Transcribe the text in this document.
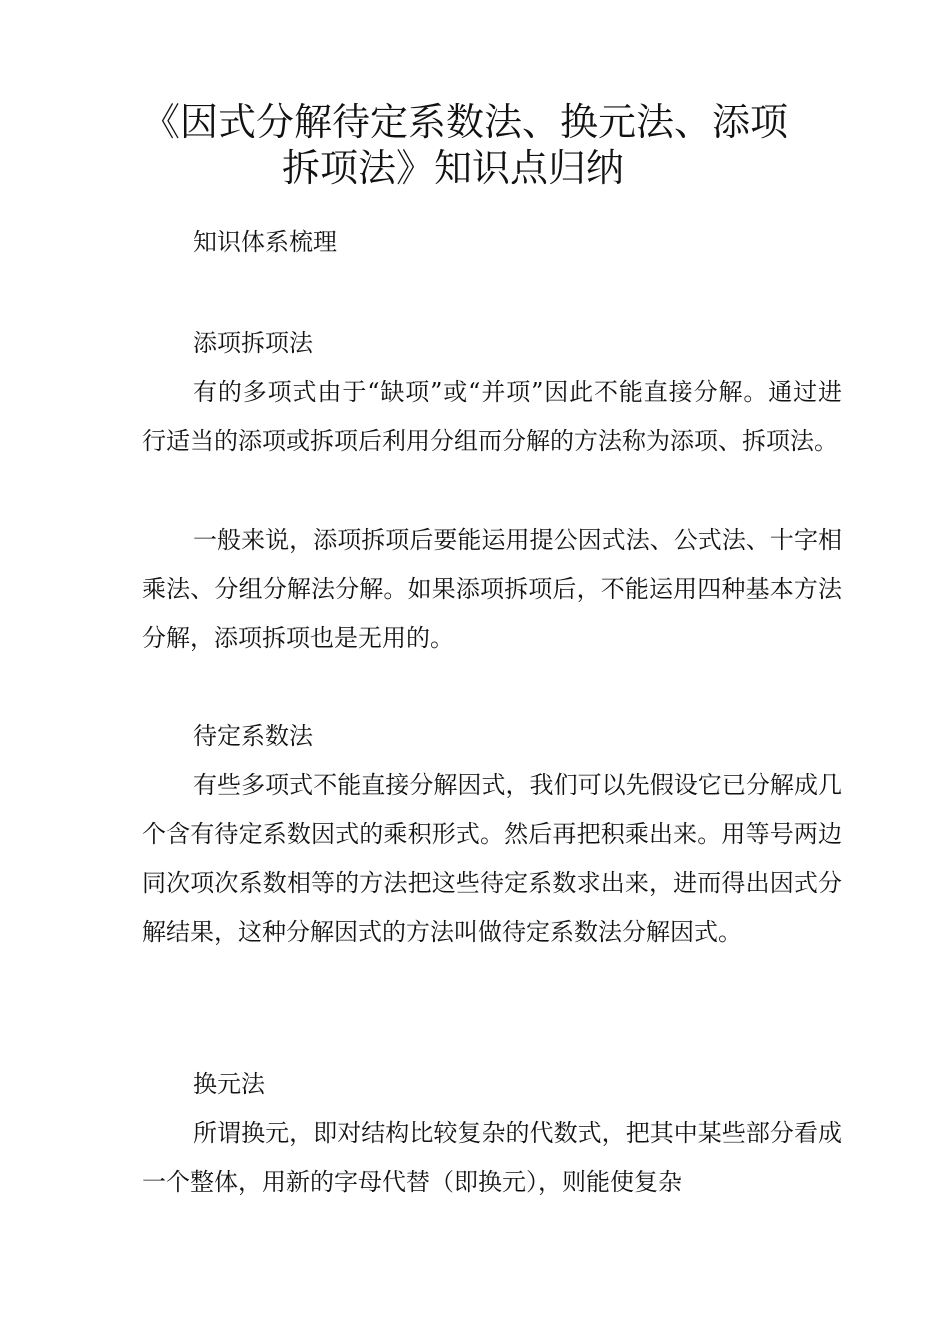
《因式分解待定系数法、换元法、添项
拆项法》知识点归纳
知识体系梳理
添项拆项法

有的多项式由于“缺项”或“并项”因此不能直接分解。通过进行适当的添项或拆项后利用分组而分解的方法称为添项、拆项法。

一般来说，添项拆项后要能运用提公因式法、公式法、十字相乘法、分组分解法分解。如果添项拆项后，不能运用四种基本方法分解，添项拆项也是无用的。

待定系数法

有些多项式不能直接分解因式，我们可以先假设它已分解成几个含有待定系数因式的乘积形式。然后再把积乘出来。用等号两边同次项次系数相等的方法把这些待定系数求出来，进而得出因式分解结果，这种分解因式的方法叫做待定系数法分解因式。

换元法

所谓换元，即对结构比较复杂的代数式，把其中某些部分看成一个整体，用新的字母代替（即换元），则能使复杂
